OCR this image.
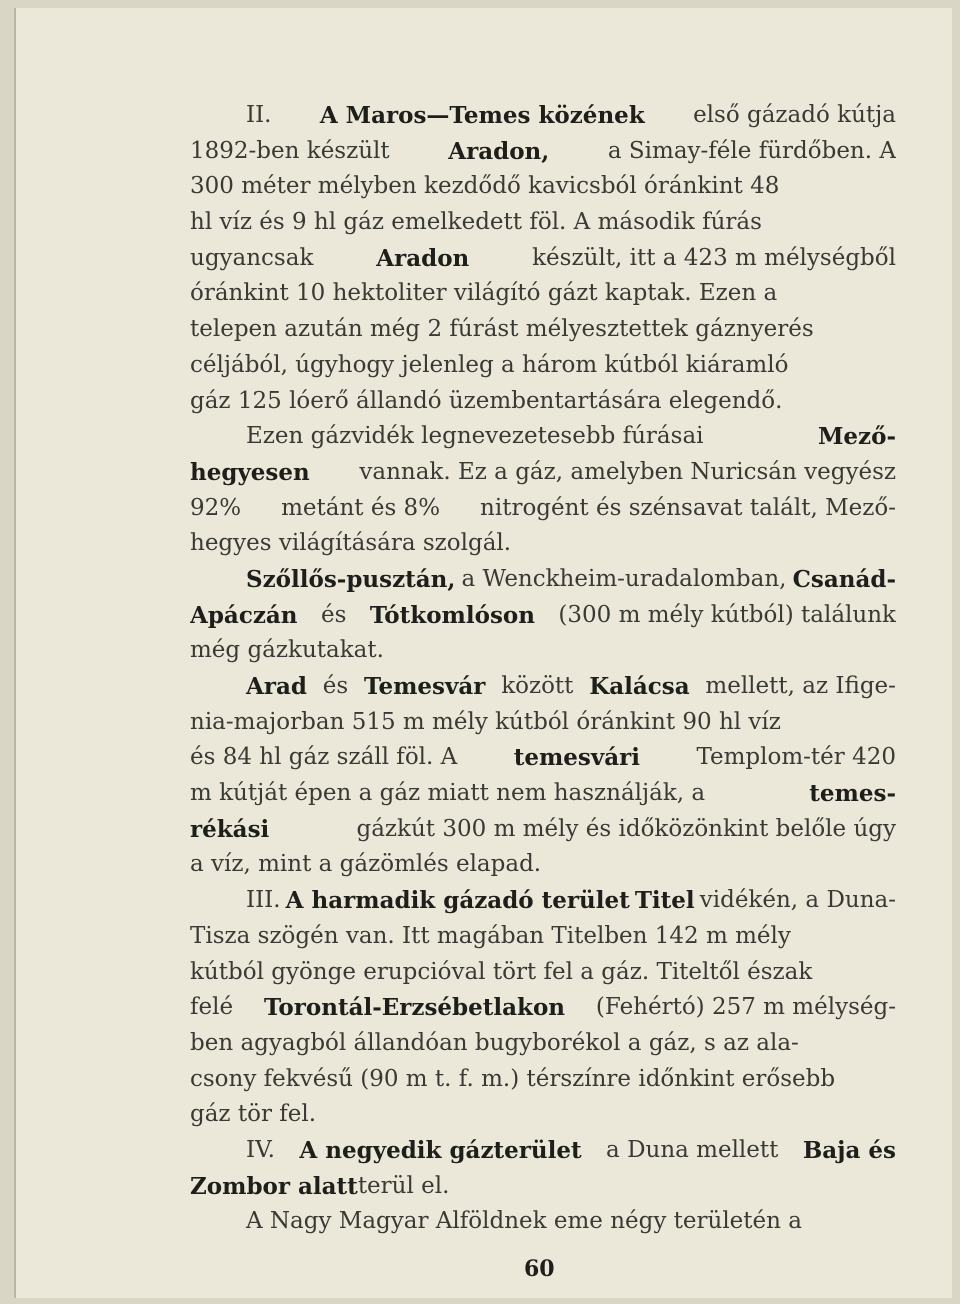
II. A Maros—Temes közének első gázadó kútja
1892-ben készült	Aradon,	a Simay-féle fürdőben. A
300 méter mélyben kezdődő kavicsból óránkint 48
hl víz és 9 hl gáz emelkedett föl. A második fúrás
ugyancsak	Aradon	készült, itt a 423 m mélységből
óránkint 10 hektoliter világító gázt kaptak. Ezen a
telepen azután még 2 fúrást mélyesztettek gáznyerés
céljából, úgyhogy jelenleg a három kútból kiáramló
gáz 125 lóerő állandó üzembentartására elegendő.
Ezen gázvidék legnevezetesebb fúrásai	Mező-
hegyesen vannak. Ez a gáz, amelyben Nuricsán vegyész
92% metánt és 8% nitrogént és szénsavat talált, Mező-
hegyes világítására szolgál.
Szőllős-pusztán, a Wenckheim-uradalomban, Csanád-
Apáczán és Tótkomlóson (300 m mély kútból) találunk
még gázkutakat.
Arad és Temesvár között Kalácsa mellett, az Ifige-
nia-majorban 515 m mély kútból óránkint 90 hl víz
és 84 hl gáz száll föl. A temesvári Templom-tér 420
m kútját épen a gáz miatt nem használják, a	temes-
rékási	gázkút 300 m mély és időközönkint belőle úgy
a víz, mint a gázömlés elapad.
III. A harmadik gázadó terület Titel vidékén, a Duna-
Tisza szögén van. Itt magában Titelben 142 m mély
kútból gyönge erupcióval tört fel a gáz. Titeltől észak
felé Torontál-Erzsébetlakon (Fehértó) 257 m mélység-
ben agyagból állandóan bugyborékol a gáz, s az ala-
csony fekvésű (90 m t. f. m.) térszínre időnkint erősebb
gáz tör fel.
IV. A negyedik gázterület a Duna mellett Baja és
Zombor alatt terül el.
A Nagy Magyar Alföldnek eme négy területén a
60
